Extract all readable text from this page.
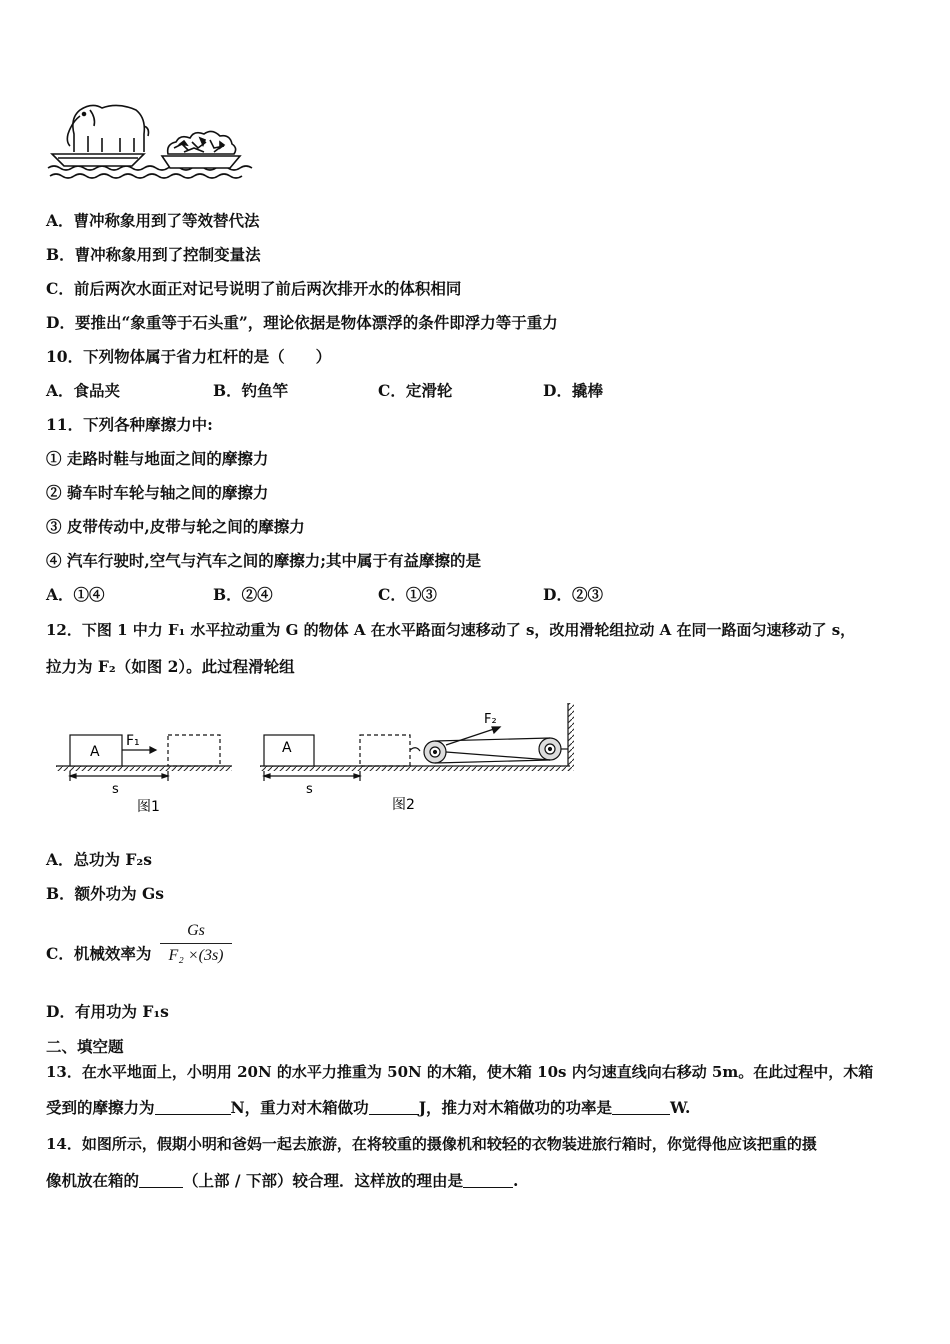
A．曹冲称象用到了等效替代法
B．曹冲称象用到了控制变量法
C．前后两次水面正对记号说明了前后两次排开水的体积相同
D．要推出“象重等于石头重”，理论依据是物体漂浮的条件即浮力等于重力
10．下列物体属于省力杠杆的是（　　）
A．食品夹	B．钓鱼竿	C．定滑轮	D．撬棒
11．下列各种摩擦力中:
① 走路时鞋与地面之间的摩擦力
② 骑车时车轮与轴之间的摩擦力
③ 皮带传动中,皮带与轮之间的摩擦力
④ 汽车行驶时,空气与汽车之间的摩擦力;其中属于有益摩擦的是
A．①④	B．②④	C．①③	D．②③
12．下图 1 中力 F₁ 水平拉动重为 G 的物体 A 在水平路面匀速移动了 s，改用滑轮组拉动 A 在同一路面匀速移动了 s，
拉力为 F₂（如图 2）。此过程滑轮组
A
F₁
s
图1
A
s
F₂
图2
A．总功为 F₂s
B．额外功为 Gs
C．机械效率为
Gs
F₂ ×(3s)
D．有用功为 F₁s
二、填空题
13．在水平地面上，小明用 20N 的水平力推重为 50N 的木箱，使木箱 10s 内匀速直线向右移动 5m。在此过程中，木箱
受到的摩擦力为	N，重力对木箱做功	J，推力对木箱做功的功率是	W.
14．如图所示，假期小明和爸妈一起去旅游，在将较重的摄像机和较轻的衣物装进旅行箱时，你觉得他应该把重的摄
像机放在箱的	（上部 / 下部）较合理．这样放的理由是	.
